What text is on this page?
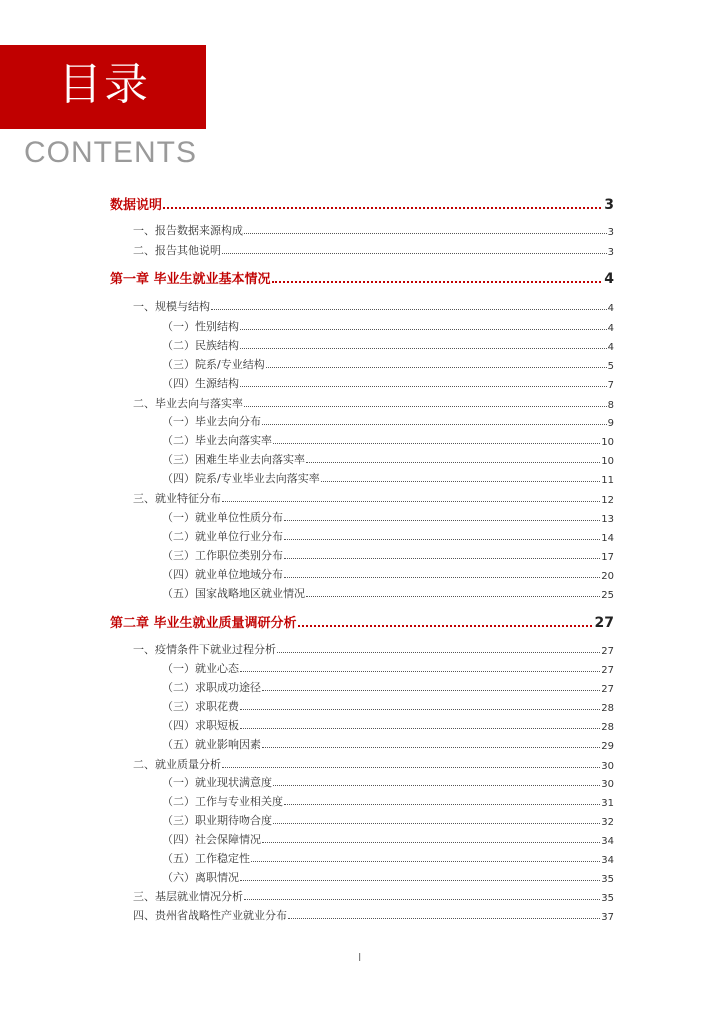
目录
CONTENTS
数据说明	3
一、报告数据来源构成	3
二、报告其他说明	3
第一章 毕业生就业基本情况	4
一、规模与结构	4
（一）性别结构	4
（二）民族结构	4
（三）院系/专业结构	5
（四）生源结构	7
二、毕业去向与落实率	8
（一）毕业去向分布	9
（二）毕业去向落实率	10
（三）困难生毕业去向落实率	10
（四）院系/专业毕业去向落实率	11
三、就业特征分布	12
（一）就业单位性质分布	13
（二）就业单位行业分布	14
（三）工作职位类别分布	17
（四）就业单位地域分布	20
（五）国家战略地区就业情况	25
第二章 毕业生就业质量调研分析	27
一、疫情条件下就业过程分析	27
（一）就业心态	27
（二）求职成功途径	27
（三）求职花费	28
（四）求职短板	28
（五）就业影响因素	29
二、就业质量分析	30
（一）就业现状满意度	30
（二）工作与专业相关度	31
（三）职业期待吻合度	32
（四）社会保障情况	34
（五）工作稳定性	34
（六）离职情况	35
三、基层就业情况分析	35
四、贵州省战略性产业就业分布	37
I
